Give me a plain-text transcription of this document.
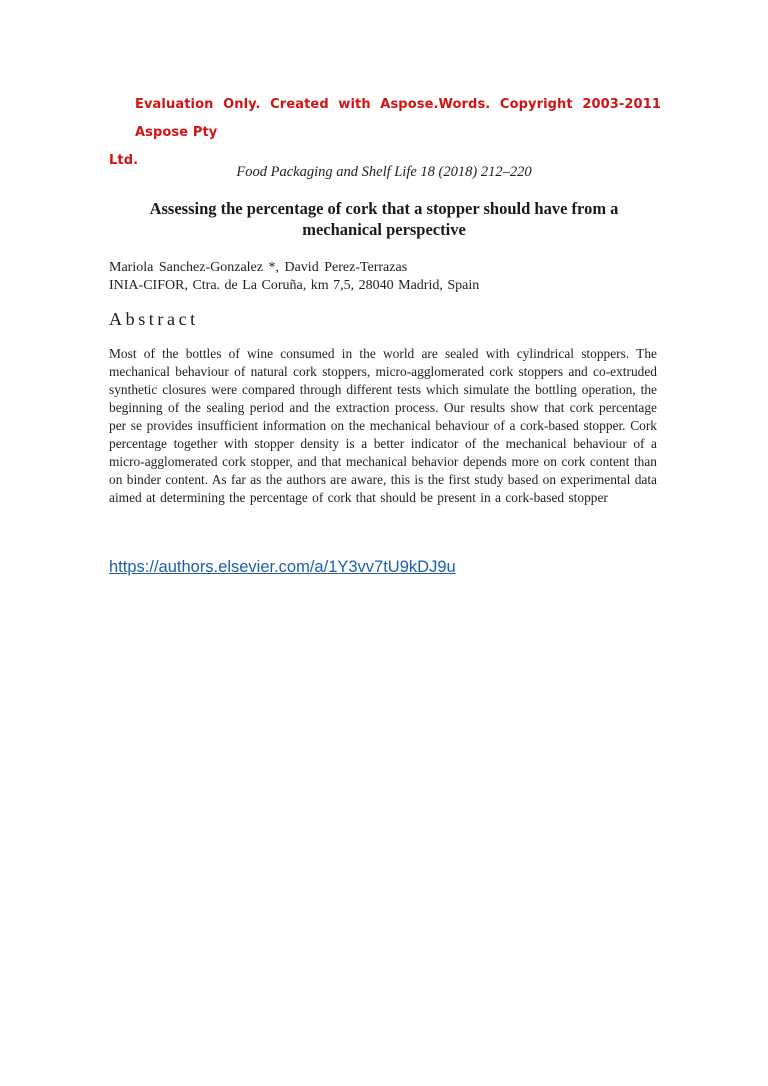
Evaluation Only. Created with Aspose.Words. Copyright 2003-2011 Aspose Pty
Ltd.
Food Packaging and Shelf Life 18 (2018) 212–220
Assessing the percentage of cork that a stopper should have from a mechanical perspective
Mariola Sanchez-Gonzalez *, David Perez-Terrazas
INIA-CIFOR, Ctra. de La Coruña, km 7,5, 28040 Madrid, Spain
Abstract
Most of the bottles of wine consumed in the world are sealed with cylindrical stoppers. The mechanical behaviour of natural cork stoppers, micro-agglomerated cork stoppers and co-extruded synthetic closures were compared through different tests which simulate the bottling operation, the beginning of the sealing period and the extraction process. Our results show that cork percentage per se provides insufficient information on the mechanical behaviour of a cork-based stopper. Cork percentage together with stopper density is a better indicator of the mechanical behaviour of a micro-agglomerated cork stopper, and that mechanical behavior depends more on cork content than on binder content. As far as the authors are aware, this is the first study based on experimental data aimed at determining the percentage of cork that should be present in a cork-based stopper
https://authors.elsevier.com/a/1Y3vv7tU9kDJ9u
